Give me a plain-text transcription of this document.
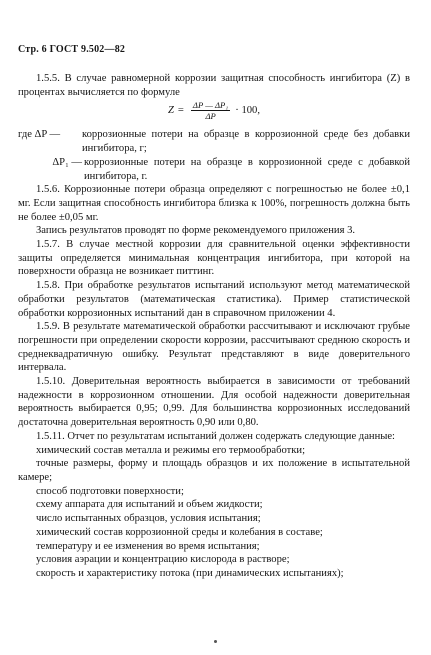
Стр. 6 ГОСТ 9.502—82

1.5.5. В случае равномерной коррозии защитная способность ингибитора (Z) в процентах вычисляется по формуле

$Z = \frac{\text{ΔP — ΔP₁}}{\Delta P} \cdot 100$,
где ΔP —	коррозионные потери на образце в коррозионной среде без добавки ингибитора, г;
ΔP₁ — коррозионные потери на образце в коррозионной среде с добавкой ингибитора, г.

1.5.6. Коррозионные потери образца определяют с погрешностью не более ±0,1 мг. Если защитная способность ингибитора близка к 100%, погрешность должна быть не более ±0,05 мг.

Запись результатов проводят по форме рекомендуемого приложения 3.

1.5.7. В случае местной коррозии для сравнительной оценки эффективности защиты определяется минимальная концентрация ингибитора, при которой на поверхности образца не возникает питтинг.

1.5.8. При обработке результатов испытаний используют метод математической обработки результатов (математическая статистика). Пример статистической обработки коррозионных испытаний дан в справочном приложении 4.

1.5.9. В результате математической обработки рассчитывают и исключают грубые погрешности при определении скорости коррозии, рассчитывают среднюю скорость и среднеквадратичную ошибку. Результат представляют в виде доверительного интервала.

1.5.10. Доверительная вероятность выбирается в зависимости от требований надежности в коррозионном отношении. Для особой надежности доверительная вероятность выбирается 0,95; 0,99. Для большинства коррозионных исследований достаточна доверительная вероятность 0,90 или 0,80.

1.5.11. Отчет по результатам испытаний должен содержать следующие данные:

химический состав металла и режимы его термообработки;

точные размеры, форму и площадь образцов и их положение в испытательной камере;

способ подготовки поверхности;

схему аппарата для испытаний и объем жидкости;

число испытанных образцов, условия испытания;

химический состав коррозионной среды и колебания в составе;

температуру и ее изменения во время испытания;

условия аэрации и концентрацию кислорода в растворе;

скорость и характеристику потока (при динамических испытаниях);
